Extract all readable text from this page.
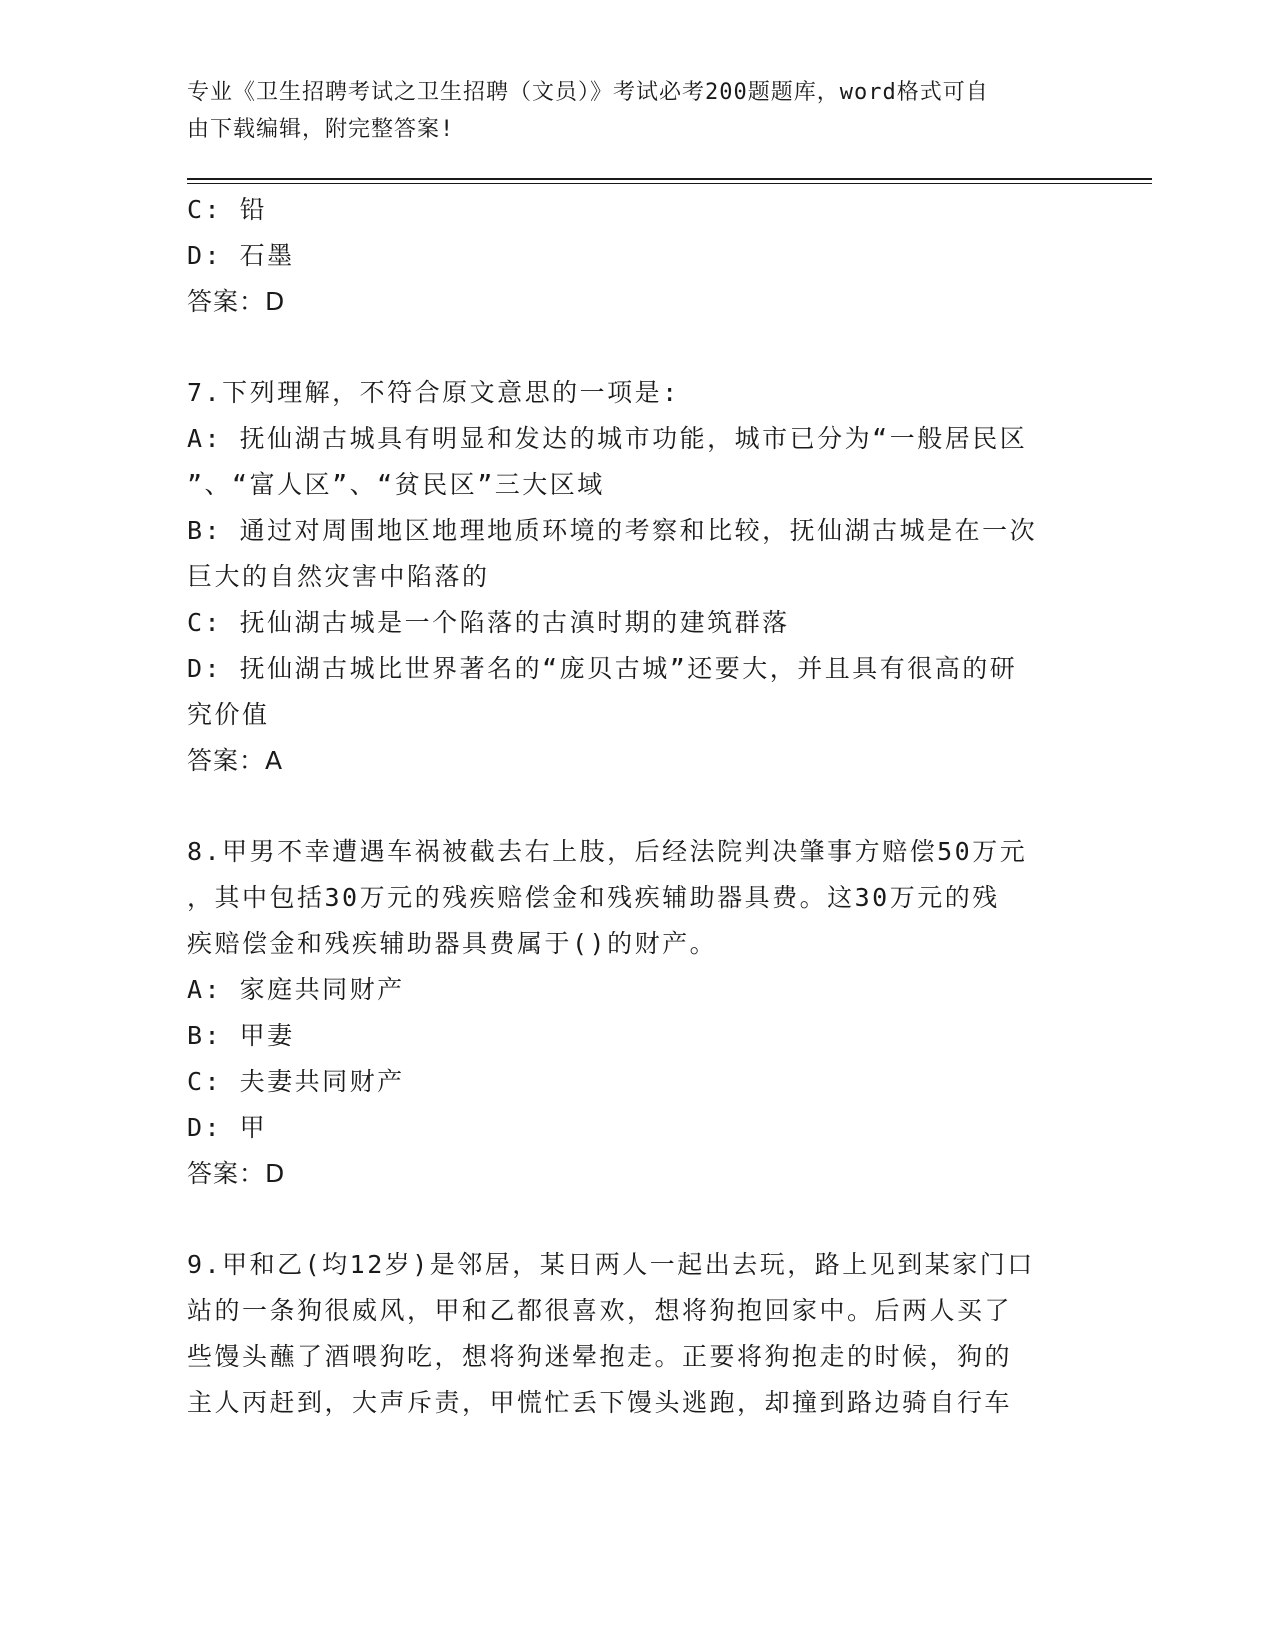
专业《卫生招聘考试之卫生招聘（文员）》考试必考200题题库，word格式可自
由下载编辑，附完整答案!
C: 铅
D: 石墨
答案：D
7.下列理解，不符合原文意思的一项是:
A: 抚仙湖古城具有明显和发达的城市功能，城市已分为“一般居民区
”、“富人区”、“贫民区”三大区域
B: 通过对周围地区地理地质环境的考察和比较，抚仙湖古城是在一次
巨大的自然灾害中陷落的
C: 抚仙湖古城是一个陷落的古滇时期的建筑群落
D: 抚仙湖古城比世界著名的“庞贝古城”还要大，并且具有很高的研
究价值
答案：A
8.甲男不幸遭遇车祸被截去右上肢，后经法院判决肇事方赔偿50万元
，其中包括30万元的残疾赔偿金和残疾辅助器具费。这30万元的残
疾赔偿金和残疾辅助器具费属于()的财产。
A: 家庭共同财产
B: 甲妻
C: 夫妻共同财产
D: 甲
答案：D
9.甲和乙(均12岁)是邻居，某日两人一起出去玩，路上见到某家门口
站的一条狗很威风，甲和乙都很喜欢，想将狗抱回家中。后两人买了
些馒头蘸了酒喂狗吃，想将狗迷晕抱走。正要将狗抱走的时候，狗的
主人丙赶到，大声斥责，甲慌忙丢下馒头逃跑，却撞到路边骑自行车
